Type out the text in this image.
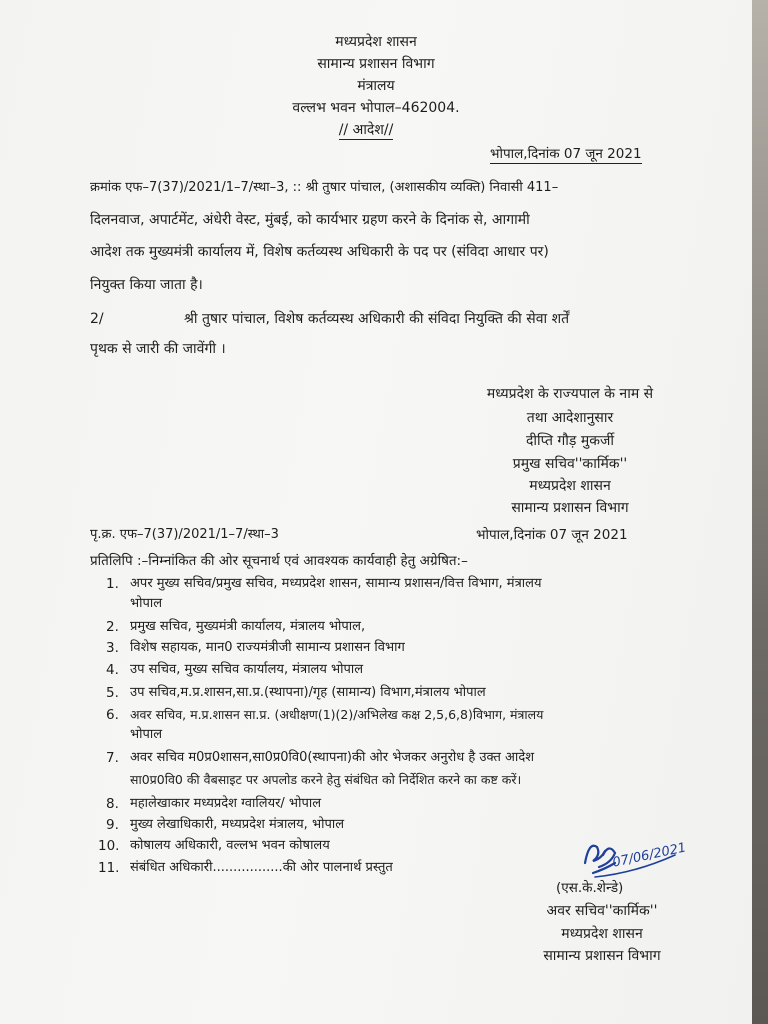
मध्यप्रदेश शासन
सामान्य प्रशासन विभाग
मंत्रालय
वल्लभ भवन भोपाल–462004.
// आदेश//
भोपाल,दिनांक 07 जून 2021
क्रमांक एफ–7(37)/2021/1–7/स्था–3, :: श्री तुषार पांचाल, (अशासकीय व्यक्ति) निवासी 411–
दिलनवाज, अपार्टमेंट, अंधेरी वेस्ट, मुंबई, को कार्यभार ग्रहण करने के दिनांक से, आगामी
आदेश तक मुख्यमंत्री कार्यालय में, विशेष कर्तव्यस्थ अधिकारी के पद पर (संविदा आधार पर)
नियुक्त किया जाता है।
2/	श्री तुषार पांचाल, विशेष कर्तव्यस्थ अधिकारी की संविदा नियुक्ति की सेवा शर्तें
पृथक से जारी की जावेंगी ।
मध्यप्रदेश के राज्यपाल के नाम से
तथा आदेशानुसार
दीप्ति गौड़ मुकर्जी
प्रमुख सचिव''कार्मिक''
मध्यप्रदेश शासन
सामान्य प्रशासन विभाग
पृ.क्र. एफ–7(37)/2021/1–7/स्था–3	भोपाल,दिनांक 07 जून 2021
प्रतिलिपि :–निम्नांकित की ओर सूचनार्थ एवं आवश्यक कार्यवाही हेतु अग्रेषित:–
1. अपर मुख्य सचिव/प्रमुख सचिव, मध्यप्रदेश शासन, सामान्य प्रशासन/वित्त विभाग, मंत्रालय
भोपाल
2. प्रमुख सचिव, मुख्यमंत्री कार्यालय, मंत्रालय भोपाल,
3. विशेष सहायक, मान0 राज्यमंत्रीजी सामान्य प्रशासन विभाग
4. उप सचिव, मुख्य सचिव कार्यालय, मंत्रालय भोपाल
5. उप सचिव,म.प्र.शासन,सा.प्र.(स्थापना)/गृह (सामान्य) विभाग,मंत्रालय भोपाल
6. अवर सचिव, म.प्र.शासन सा.प्र. (अधीक्षण(1)(2)/अभिलेख कक्ष 2,5,6,8)विभाग, मंत्रालय
भोपाल
7. अवर सचिव म0प्र0शासन,सा0प्र0वि0(स्थापना)की ओर भेजकर अनुरोध है उक्त आदेश
सा0प्र0वि0 की वैबसाइट पर अपलोड करने हेतु संबंधित को निर्देशित करने का कष्ट करें।
8. महालेखाकार मध्यप्रदेश ग्वालियर/ भोपाल
9. मुख्य लेखाधिकारी, मध्यप्रदेश मंत्रालय, भोपाल
10. कोषालय अधिकारी, वल्लभ भवन कोषालय
11. संबंधित अधिकारी.................की ओर पालनार्थ प्रस्तुत	07/06/2021
(एस.के.शेन्डे)
अवर सचिव''कार्मिक''
मध्यप्रदेश शासन
सामान्य प्रशासन विभाग
